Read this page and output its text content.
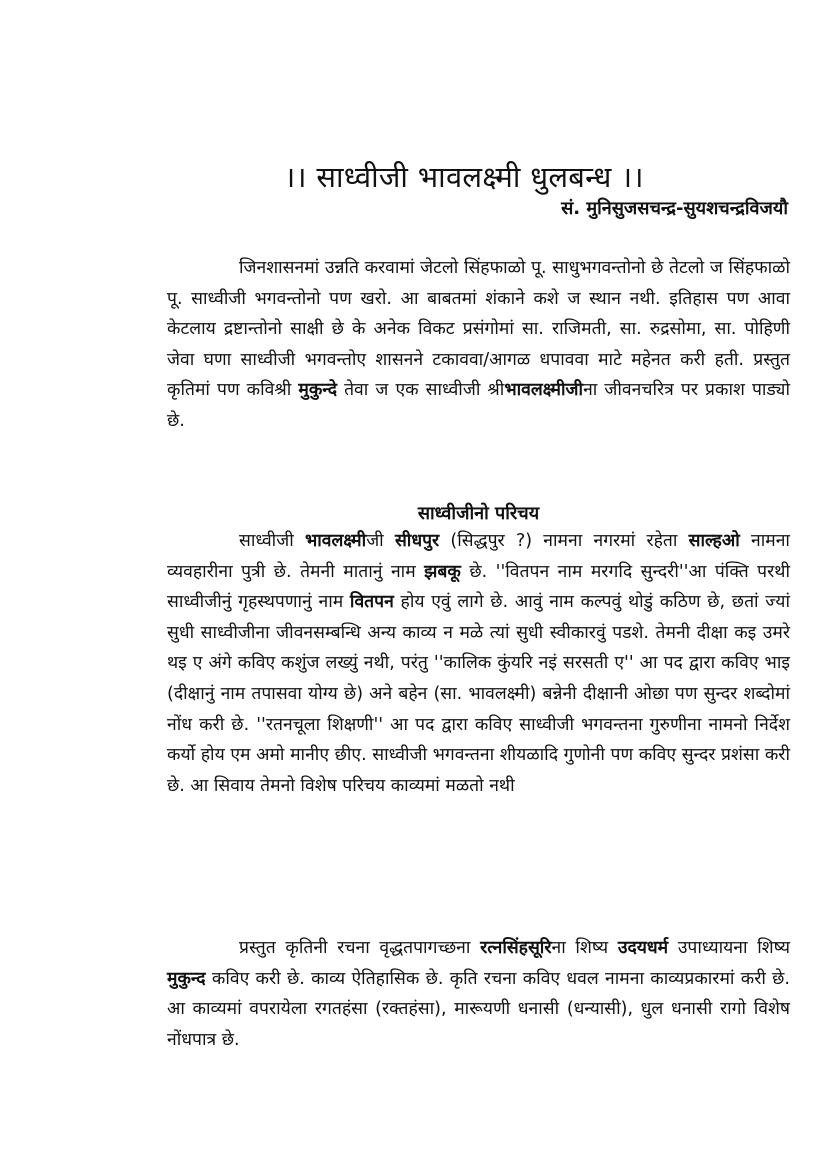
।। साध्वीजी भावलक्ष्मी धुलबन्ध ।।
सं. मुनिसुजसचन्द्र-सुयशचन्द्रविजयौ

जिनशासनमां उन्नति करवामां जेटलो सिंहफाळो पू. साधुभगवन्तोनो छे तेटलो ज सिंहफाळो पू. साध्वीजी भगवन्तोनो पण खरो. आ बाबतमां शंकाने कशे ज स्थान नथी. इतिहास पण आवा केटलाय द्रष्टान्तोनो साक्षी छे के अनेक विकट प्रसंगोमां सा. राजिमती, सा. रुद्रसोमा, सा. पोहिणी जेवा घणा साध्वीजी भगवन्तोए शासनने टकाववा/आगळ धपाववा माटे महेनत करी हती. प्रस्तुत कृतिमां पण कविश्री मुकुन्दे तेवा ज एक साध्वीजी श्रीभावलक्ष्मीजीना जीवनचरित्र पर प्रकाश पाड्यो छे.

साध्वीजीनो परिचय

साध्वीजी भावलक्ष्मीजी सीधपुर (सिद्धपुर ?) नामना नगरमां रहेता साल्हओ नामना व्यवहारीना पुत्री छे. तेमनी मातानुं नाम झबकू छे. ''वितपन नाम मरगदि सुन्दरी''आ पंक्ति परथी साध्वीजीनुं गृहस्थपणानुं नाम वितपन होय एवुं लागे छे. आवुं नाम कल्पवुं थोडुं कठिण छे, छतां ज्यां सुधी साध्वीजीना जीवनसम्बन्धि अन्य काव्य न मळे त्यां सुधी स्वीकारवुं पडशे. तेमनी दीक्षा कइ उमरे थइ ए अंगे कविए कशुंज लख्युं नथी, परंतु ''कालिक कुंयरि नइं सरसती ए'' आ पद द्वारा कविए भाइ (दीक्षानुं नाम तपासवा योग्य छे) अने बहेन (सा. भावलक्ष्मी) बन्नेनी दीक्षानी ओछा पण सुन्दर शब्दोमां नोंध करी छे. ''रतनचूला शिक्षणी'' आ पद द्वारा कविए साध्वीजी भगवन्तना गुरुणीना नामनो निर्देश कर्यो होय एम अमो मानीए छीए. साध्वीजी भगवन्तना शीयळादि गुणोनी पण कविए सुन्दर प्रशंसा करी छे. आ सिवाय तेमनो विशेष परिचय काव्यमां मळतो नथी

प्रस्तुत कृतिनी रचना वृद्धतपागच्छना रत्नसिंहसूरिना शिष्य उदयधर्म उपाध्यायना शिष्य मुकुन्द कविए करी छे. काव्य ऐतिहासिक छे. कृति रचना कविए धवल नामना काव्यप्रकारमां करी छे. आ काव्यमां वपरायेला रगतहंसा (रक्तहंसा), मारूयणी धनासी (धन्यासी), धुल धनासी रागो विशेष नोंधपात्र छे.
